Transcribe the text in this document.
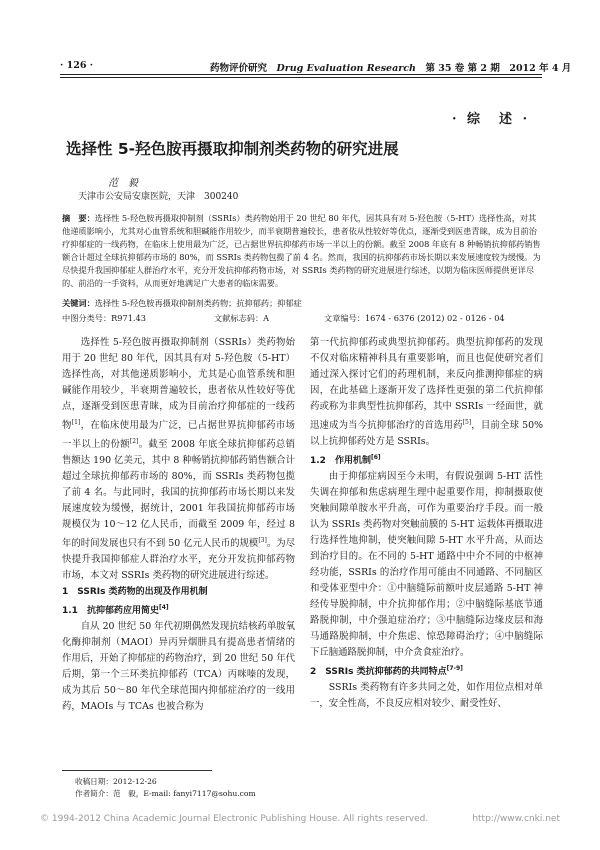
· 126 ·	药物评价研究　 Drug Evaluation Research　 第 35 卷 第 2 期　2012 年 4 月
· 综　述 ·
选择性 5-羟色胺再摄取抑制剂类药物的研究进展
范　毅
天津市公安局安康医院，天津　300240
摘　要：选择性 5-羟色胺再摄取抑制剂（SSRIs）类药物始用于 20 世纪 80 年代，因其具有对 5-羟色胺（5-HT）选择性高，对其他递质影响小，尤其对心血管系统和胆碱能作用较少，而半衰期普遍较长，患者依从性较好等优点，逐渐受到医患青睐，成为目前治疗抑郁症的一线药物，在临床上使用最为广泛，已占据世界抗抑郁药市场一半以上的份额。截至 2008 年底有 8 种畅销抗抑郁药销售额合计超过全球抗抑郁药市场的 80%，而 SSRIs 类药物包揽了前 4 名。然而，我国的抗抑郁药市场长期以来发展速度较为缓慢。为尽快提升我国抑郁症人群治疗水平，充分开发抗抑郁药物市场，对 SSRIs 类药物的研究进展进行综述，以期为临床医师提供更详尽的、前沿的一手资料，从而更好地满足广大患者的临床需要。
关键词：选择性 5-羟色胺再摄取抑制剂类药物；抗抑郁药；抑郁症
中图分类号：R971.43	文献标志码：A	文章编号：1674 - 6376 (2012) 02 - 0126 - 04

选择性 5-羟色胺再摄取抑制剂（SSRIs）类药物始用于 20 世纪 80 年代，因其具有对 5-羟色胺（5-HT）选择性高，对其他递质影响小，尤其是心血管系统和胆碱能作用较少，半衰期普遍较长，患者依从性较好等优点，逐渐受到医患青睐，成为目前治疗抑郁症的一线药物[1]，在临床使用最为广泛，已占据世界抗抑郁药市场一半以上的份额[2]。截至 2008 年底全球抗抑郁药总销售额达 190 亿美元，其中 8 种畅销抗抑郁药销售额合计超过全球抗抑郁药市场的 80%，而 SSRIs 类药物包揽了前 4 名。与此同时，我国的抗抑郁药市场长期以来发展速度较为缓慢，据统计，2001 年我国抗抑郁药市场规模仅为 10～12 亿人民币，而截至 2009 年，经过 8 年的时间发展也只有不到 50 亿元人民币的规模[3]。为尽快提升我国抑郁症人群治疗水平，充分开发抗抑郁药物市场，本文对 SSRIs 类药物的研究进展进行综述。

1　SSRIs 类药物的出现及作用机制

1.1　抗抑郁药应用简史[4]

自从 20 世纪 50 年代初期偶然发现抗结核药单胺氧化酶抑制剂（MAOI）异丙异烟肼具有提高患者情绪的作用后，开始了抑郁症的药物治疗，到 20 世纪 50 年代后期，第一个三环类抗抑郁药（TCA）丙咪嗪的发现，成为其后 50～80 年代全球范围内抑郁症治疗的一线用药，MAOIs 与 TCAs 也被合称为

第一代抗抑郁药或典型抗抑郁药。典型抗抑郁药的发现不仅对临床精神科具有重要影响，而且也促使研究者们通过深入探讨它们的药理机制，来反向推测抑郁症的病因，在此基础上逐渐开发了选择性更强的第二代抗抑郁药或称为非典型性抗抑郁药，其中 SSRIs 一经面世，就迅速成为当今抗抑郁治疗的首选用药[5]，目前全球 50%以上抗抑郁药处方是 SSRIs。

1.2　作用机制[6]

由于抑郁症病因至今未明，有假说强调 5-HT 活性失调在抑郁和焦虑病理生理中起重要作用，抑制摄取使突触间隙单胺水平升高，可作为重要治疗手段。而一般认为 SSRIs 类药物对突触前膜的 5-HT 运载体再摄取进行选择性地抑制，使突触间隙 5-HT 水平升高，从而达到治疗目的。在不同的 5-HT 通路中中介不同的中枢神经功能，SSRIs 的治疗作用可能由不同通路、不同脑区和受体亚型中介：①中脑缝际前额叶皮层通路 5-HT 神经传导脱抑制，中介抗抑郁作用；②中脑缝际基底节通路脱抑制，中介强迫症治疗；③中脑缝际边缘皮层和海马通路脱抑制，中介焦虑、惊恐障碍治疗；④中脑缝际下丘脑通路脱抑制，中介贪食症治疗。

2　SSRIs 类抗抑郁药的共同特点[7-9]

SSRIs 类药物有许多共同之处，如作用位点相对单一，安全性高，不良反应相对较少、耐受性好、

收稿日期：2012-12-26
作者简介：范　毅，E-mail: fanyi7117@sohu.com
© 1994-2012 China Academic Journal Electronic Publishing House. All rights reserved.	http://www.cnki.net
